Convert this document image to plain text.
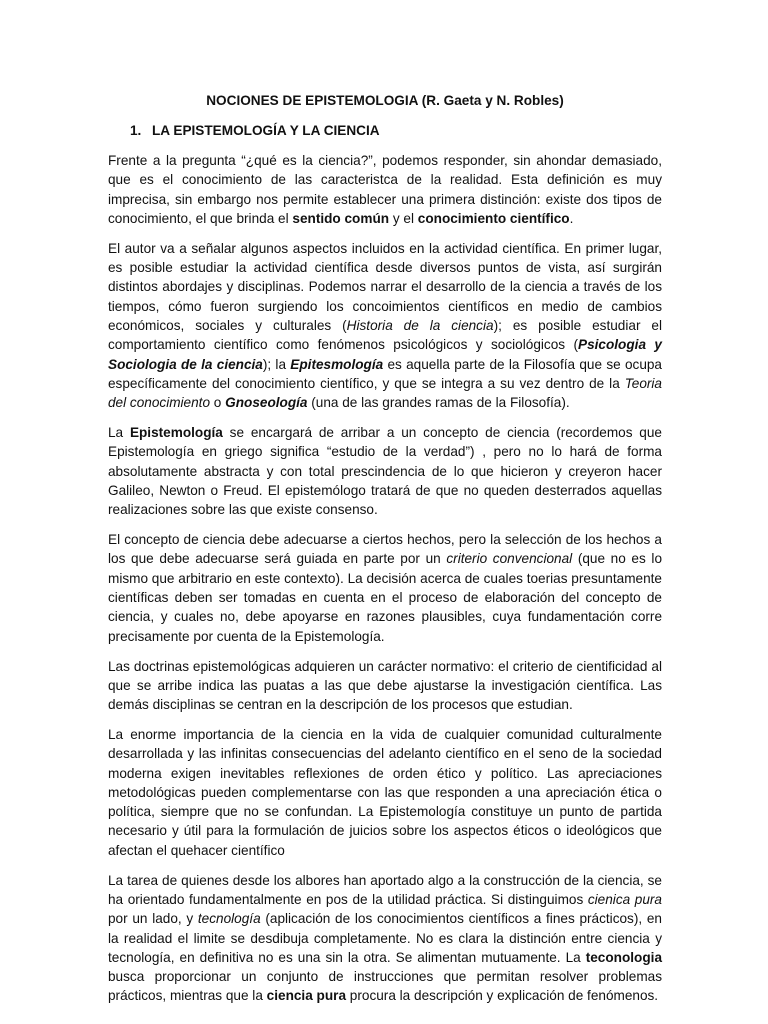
NOCIONES DE EPISTEMOLOGIA (R. Gaeta y N. Robles)
1. LA EPISTEMOLOGÍA Y LA CIENCIA

Frente a la pregunta “¿qué es la ciencia?”, podemos responder, sin ahondar demasiado, que es el conocimiento de las caracteristca de la realidad. Esta definición es muy imprecisa, sin embargo nos permite establecer una primera distinción: existe dos tipos de conocimiento, el que brinda el sentido común y el conocimiento científico.

El autor va a señalar algunos aspectos incluidos en la actividad científica. En primer lugar, es posible estudiar la actividad científica desde diversos puntos de vista, así surgirán distintos abordajes y disciplinas. Podemos narrar el desarrollo de la ciencia a través de los tiempos, cómo fueron surgiendo los concoimientos científicos en medio de cambios económicos, sociales y culturales (Historia de la ciencia); es posible estudiar el comportamiento científico como fenómenos psicológicos y sociológicos (Psicologia y Sociologia de la ciencia); la Epitesmología es aquella parte de la Filosofía que se ocupa específicamente del conocimiento científico, y que se integra a su vez dentro de la Teoria del conocimiento o Gnoseología (una de las grandes ramas de la Filosofía).

La Epistemología se encargará de arribar a un concepto de ciencia (recordemos que Epistemología en griego significa “estudio de la verdad”) , pero no lo hará de forma absolutamente abstracta y con total prescindencia de lo que hicieron y creyeron hacer Galileo, Newton o Freud. El epistemólogo tratará de que no queden desterrados aquellas realizaciones sobre las que existe consenso.

El concepto de ciencia debe adecuarse a ciertos hechos, pero la selección de los hechos a los que debe adecuarse será guiada en parte por un criterio convencional (que no es lo mismo que arbitrario en este contexto). La decisión acerca de cuales toerias presuntamente científicas deben ser tomadas en cuenta en el proceso de elaboración del concepto de ciencia, y cuales no, debe apoyarse en razones plausibles, cuya fundamentación corre precisamente por cuenta de la Epistemología.

Las doctrinas epistemológicas adquieren un carácter normativo: el criterio de cientificidad al que se arribe indica las puatas a las que debe ajustarse la investigación científica. Las demás disciplinas se centran en la descripción de los procesos que estudian.

La enorme importancia de la ciencia en la vida de cualquier comunidad culturalmente desarrollada y las infinitas consecuencias del adelanto científico en el seno de la sociedad moderna exigen inevitables reflexiones de orden ético y político. Las apreciaciones metodológicas pueden complementarse con las que responden a una apreciación ética o política, siempre que no se confundan. La Epistemología constituye un punto de partida necesario y útil para la formulación de juicios sobre los aspectos éticos o ideológicos que afectan el quehacer científico

La tarea de quienes desde los albores han aportado algo a la construcción de la ciencia, se ha orientado fundamentalmente en pos de la utilidad práctica. Si distinguimos cienica pura por un lado, y tecnología (aplicación de los conocimientos científicos a fines prácticos), en la realidad el limite se desdibuja completamente. No es clara la distinción entre ciencia y tecnología, en definitiva no es una sin la otra. Se alimentan mutuamente. La teconologia busca proporcionar un conjunto de instrucciones que permitan resolver problemas prácticos, mientras que la ciencia pura procura la descripción y explicación de fenómenos.
